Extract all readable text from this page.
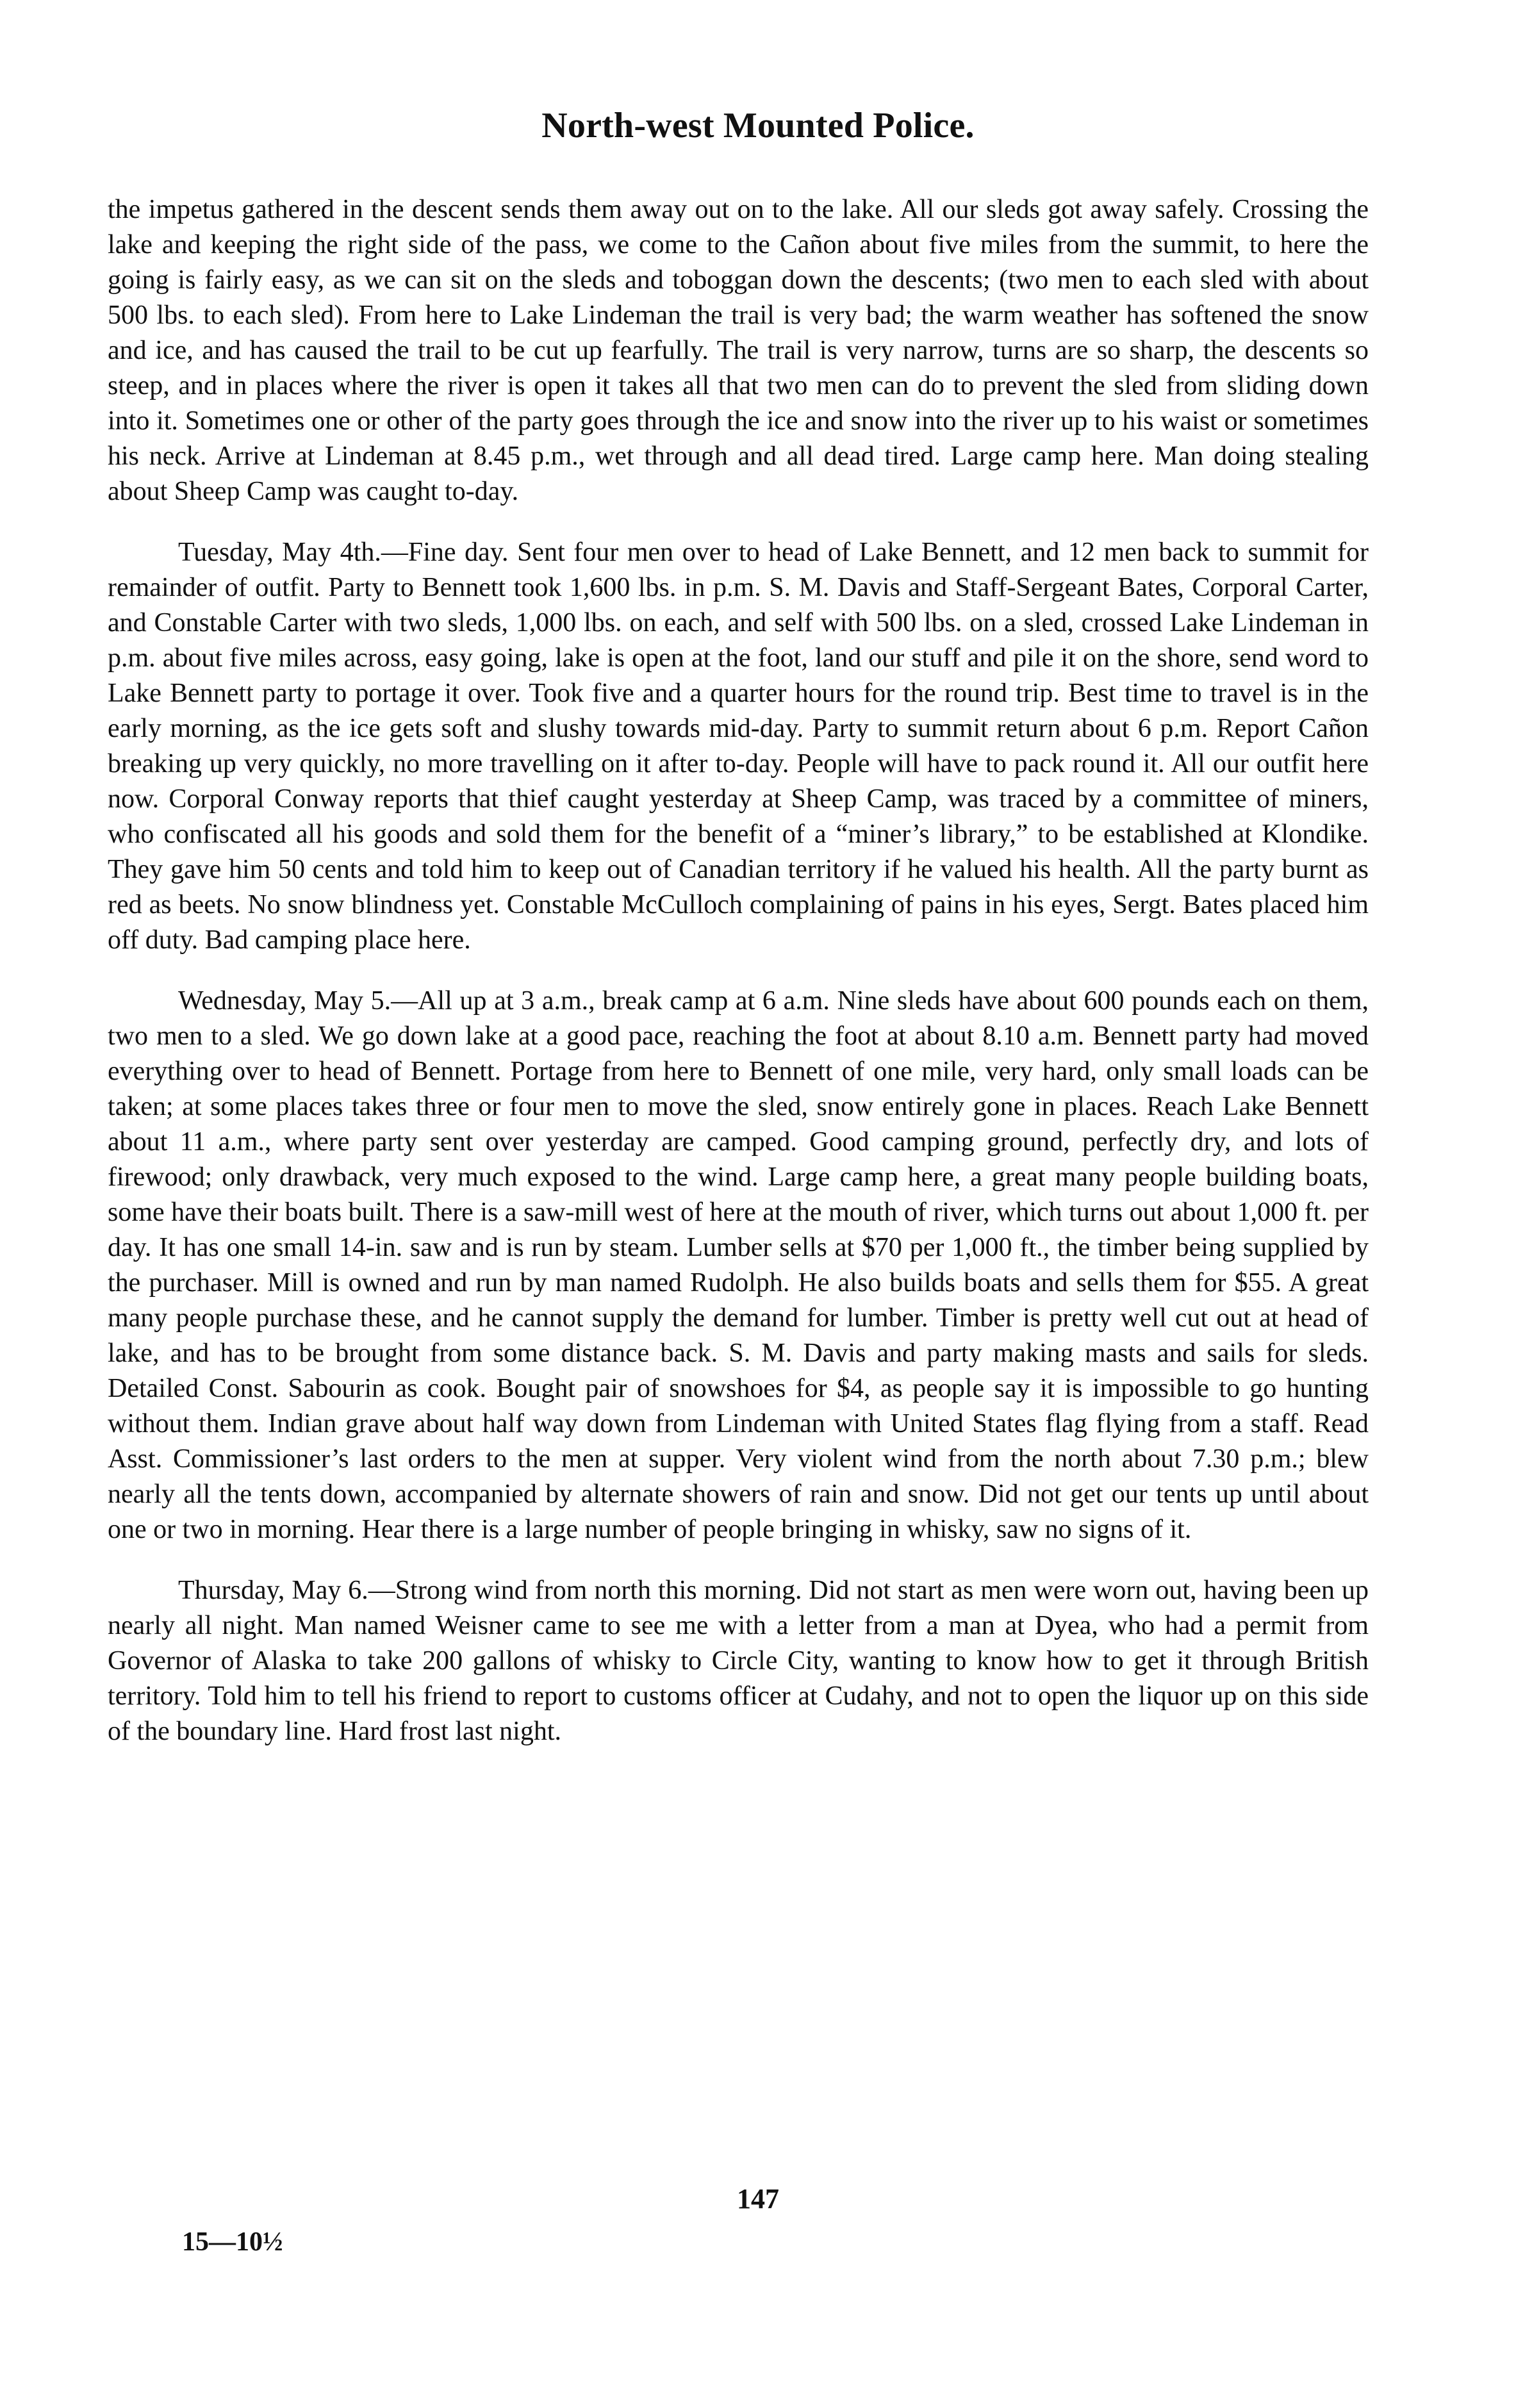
North-west Mounted Police.

the impetus gathered in the descent sends them away out on to the lake. All our sleds got away safely. Crossing the lake and keeping the right side of the pass, we come to the Cañon about five miles from the summit, to here the going is fairly easy, as we can sit on the sleds and toboggan down the descents; (two men to each sled with about 500 lbs. to each sled). From here to Lake Lindeman the trail is very bad; the warm weather has softened the snow and ice, and has caused the trail to be cut up fearfully. The trail is very narrow, turns are so sharp, the descents so steep, and in places where the river is open it takes all that two men can do to prevent the sled from sliding down into it. Sometimes one or other of the party goes through the ice and snow into the river up to his waist or sometimes his neck. Arrive at Lindeman at 8.45 p.m., wet through and all dead tired. Large camp here. Man doing stealing about Sheep Camp was caught to-day.

Tuesday, May 4th.—Fine day. Sent four men over to head of Lake Bennett, and 12 men back to summit for remainder of outfit. Party to Bennett took 1,600 lbs. in p.m. S. M. Davis and Staff-Sergeant Bates, Corporal Carter, and Constable Carter with two sleds, 1,000 lbs. on each, and self with 500 lbs. on a sled, crossed Lake Lindeman in p.m. about five miles across, easy going, lake is open at the foot, land our stuff and pile it on the shore, send word to Lake Bennett party to portage it over. Took five and a quarter hours for the round trip. Best time to travel is in the early morning, as the ice gets soft and slushy towards mid-day. Party to summit return about 6 p.m. Report Cañon breaking up very quickly, no more travelling on it after to-day. People will have to pack round it. All our outfit here now. Corporal Conway reports that thief caught yesterday at Sheep Camp, was traced by a committee of miners, who confiscated all his goods and sold them for the benefit of a “miner’s library,” to be established at Klondike. They gave him 50 cents and told him to keep out of Canadian territory if he valued his health. All the party burnt as red as beets. No snow blindness yet. Constable McCulloch complaining of pains in his eyes, Sergt. Bates placed him off duty. Bad camping place here.

Wednesday, May 5.—All up at 3 a.m., break camp at 6 a.m. Nine sleds have about 600 pounds each on them, two men to a sled. We go down lake at a good pace, reaching the foot at about 8.10 a.m. Bennett party had moved everything over to head of Bennett. Portage from here to Bennett of one mile, very hard, only small loads can be taken; at some places takes three or four men to move the sled, snow entirely gone in places. Reach Lake Bennett about 11 a.m., where party sent over yesterday are camped. Good camping ground, perfectly dry, and lots of firewood; only drawback, very much exposed to the wind. Large camp here, a great many people building boats, some have their boats built. There is a saw-mill west of here at the mouth of river, which turns out about 1,000 ft. per day. It has one small 14-in. saw and is run by steam. Lumber sells at $70 per 1,000 ft., the timber being supplied by the purchaser. Mill is owned and run by man named Rudolph. He also builds boats and sells them for $55. A great many people purchase these, and he cannot supply the demand for lumber. Timber is pretty well cut out at head of lake, and has to be brought from some distance back. S. M. Davis and party making masts and sails for sleds. Detailed Const. Sabourin as cook. Bought pair of snowshoes for $4, as people say it is impossible to go hunting without them. Indian grave about half way down from Lindeman with United States flag flying from a staff. Read Asst. Commissioner’s last orders to the men at supper. Very violent wind from the north about 7.30 p.m.; blew nearly all the tents down, accompanied by alternate showers of rain and snow. Did not get our tents up until about one or two in morning. Hear there is a large number of people bringing in whisky, saw no signs of it.

Thursday, May 6.—Strong wind from north this morning. Did not start as men were worn out, having been up nearly all night. Man named Weisner came to see me with a letter from a man at Dyea, who had a permit from Governor of Alaska to take 200 gallons of whisky to Circle City, wanting to know how to get it through British territory. Told him to tell his friend to report to customs officer at Cudahy, and not to open the liquor up on this side of the boundary line. Hard frost last night.

147
15—10½
